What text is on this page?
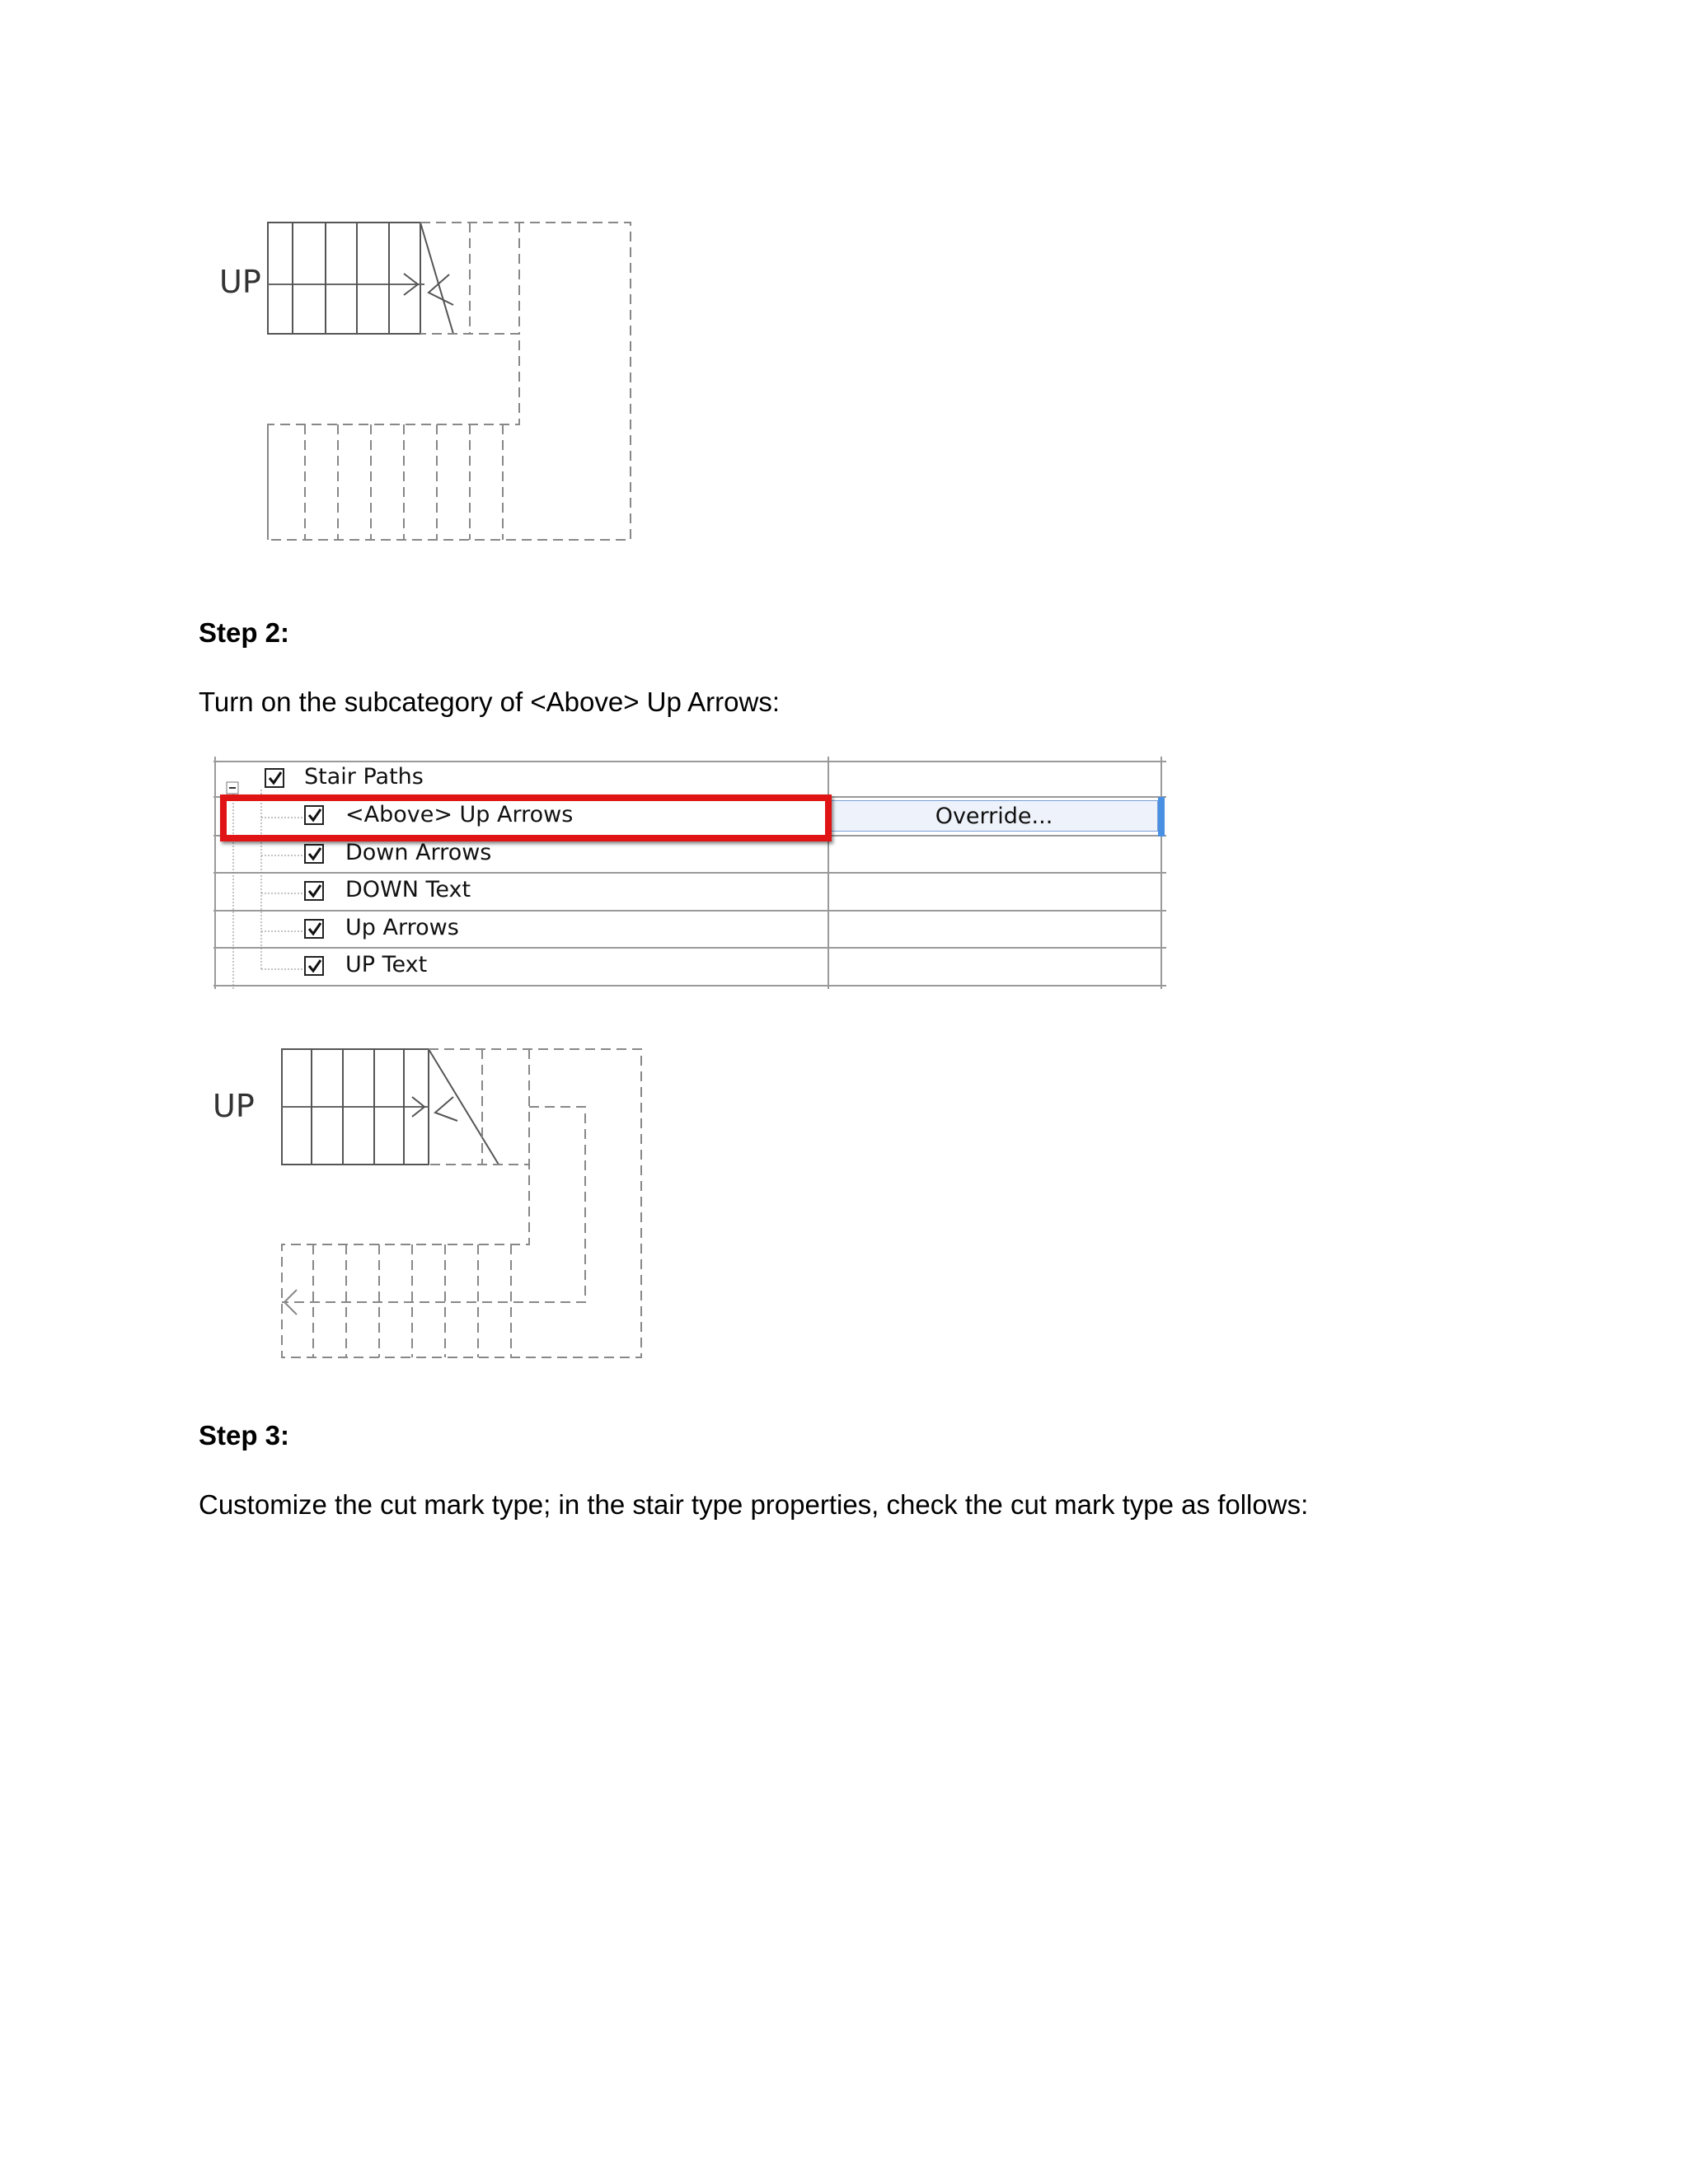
UP
Step 2:
Turn on the subcategory of <Above> Up Arrows:
Stair Paths
<Above> Up Arrows	Override...
Down Arrows
DOWN Text
Up Arrows
UP Text
UP
Step 3:
Customize the cut mark type; in the stair type properties, check the cut mark type as follows:
